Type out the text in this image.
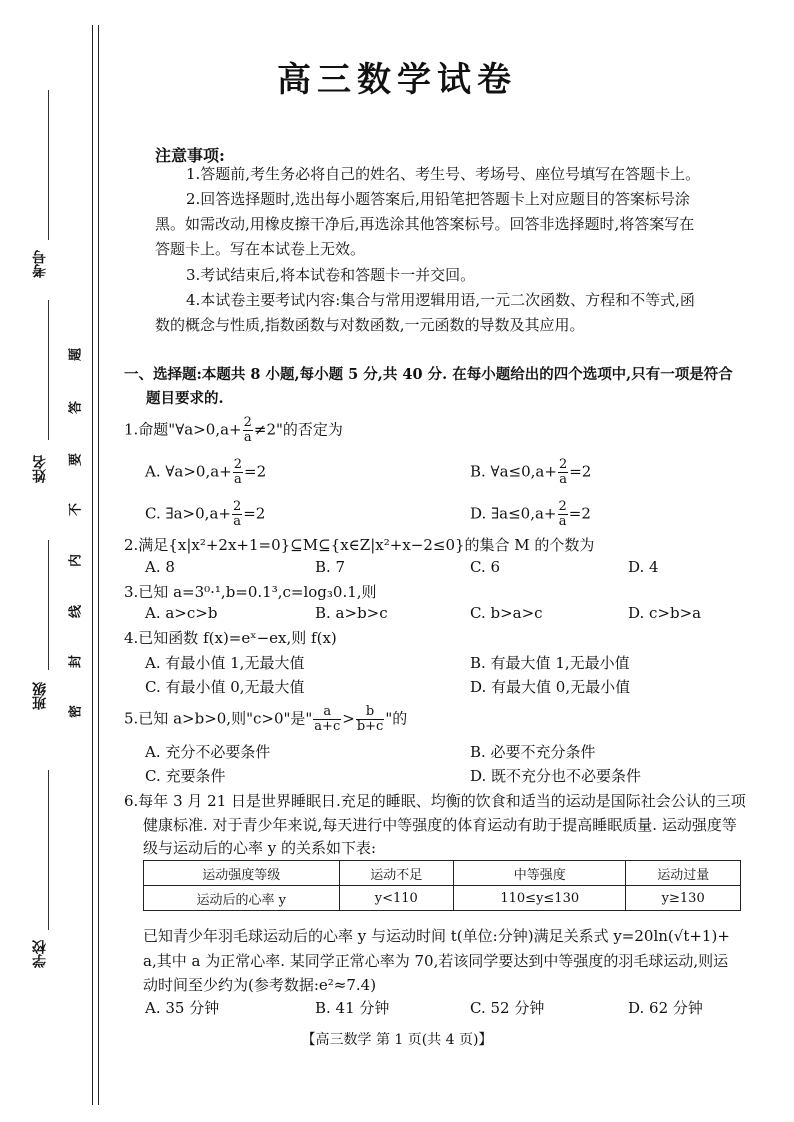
考号
姓名
班级
学校
题
答
要
不
内
线
封
密
高三数学试卷
注意事项:
1.答题前,考生务必将自己的姓名、考生号、考场号、座位号填写在答题卡上。
2.回答选择题时,选出每小题答案后,用铅笔把答题卡上对应题目的答案标号涂
黑。如需改动,用橡皮擦干净后,再选涂其他答案标号。回答非选择题时,将答案写在
答题卡上。写在本试卷上无效。
3.考试结束后,将本试卷和答题卡一并交回。
4.本试卷主要考试内容:集合与常用逻辑用语,一元二次函数、方程和不等式,函
数的概念与性质,指数函数与对数函数,一元函数的导数及其应用。
一、选择题:本题共 8 小题,每小题 5 分,共 40 分. 在每小题给出的四个选项中,只有一项是符合
题目要求的.
1.命题"∀a>0,a+ $\frac{2}{a} \ne 2$"的否定为
A. ∀a>0,a+ $\frac{2}{a} =2$	B. ∀a≤0,a+ $\frac{2}{a} =2$
C. ∃a>0,a+ $\frac{2}{a} =2$	D. ∃a≤0,a+ $\frac{2}{a} =2$
2.满足{x|x²+2x+1=0}⊆M⊆{x∈Z|x²+x−2≤0}的集合 M 的个数为
A. 8	B. 7	C. 6	D. 4
3.已知 a=3⁰·¹,b=0.1³,c=log₃0.1,则
A. a>c>b	B. a>b>c	C. b>a>c	D. c>b>a
4.已知函数 f(x)=eˣ−ex,则 f(x)
A. 有最小值 1,无最大值	B. 有最大值 1,无最小值
C. 有最小值 0,无最大值	D. 有最大值 0,无最小值
5.已知 a>b>0,则"c>0"是" $\frac{a}{a+c} > \frac{b}{b+c}$ "的
A. 充分不必要条件	B. 必要不充分条件
C. 充要条件	D. 既不充分也不必要条件
6.每年 3 月 21 日是世界睡眠日.充足的睡眠、均衡的饮食和适当的运动是国际社会公认的三项
健康标准. 对于青少年来说,每天进行中等强度的体育运动有助于提高睡眠质量. 运动强度等
级与运动后的心率 y 的关系如下表:
运动强度等级	运动不足	中等强度	运动过量
运动后的心率 y	y<110	110≤y≤130	y≥130
已知青少年羽毛球运动后的心率 y 与运动时间 t(单位:分钟)满足关系式 y=20ln(√t+1)+
a,其中 a 为正常心率. 某同学正常心率为 70,若该同学要达到中等强度的羽毛球运动,则运
动时间至少约为(参考数据:e²≈7.4)
A. 35 分钟	B. 41 分钟	C. 52 分钟	D. 62 分钟
【高三数学 第 1 页(共 4 页)】
